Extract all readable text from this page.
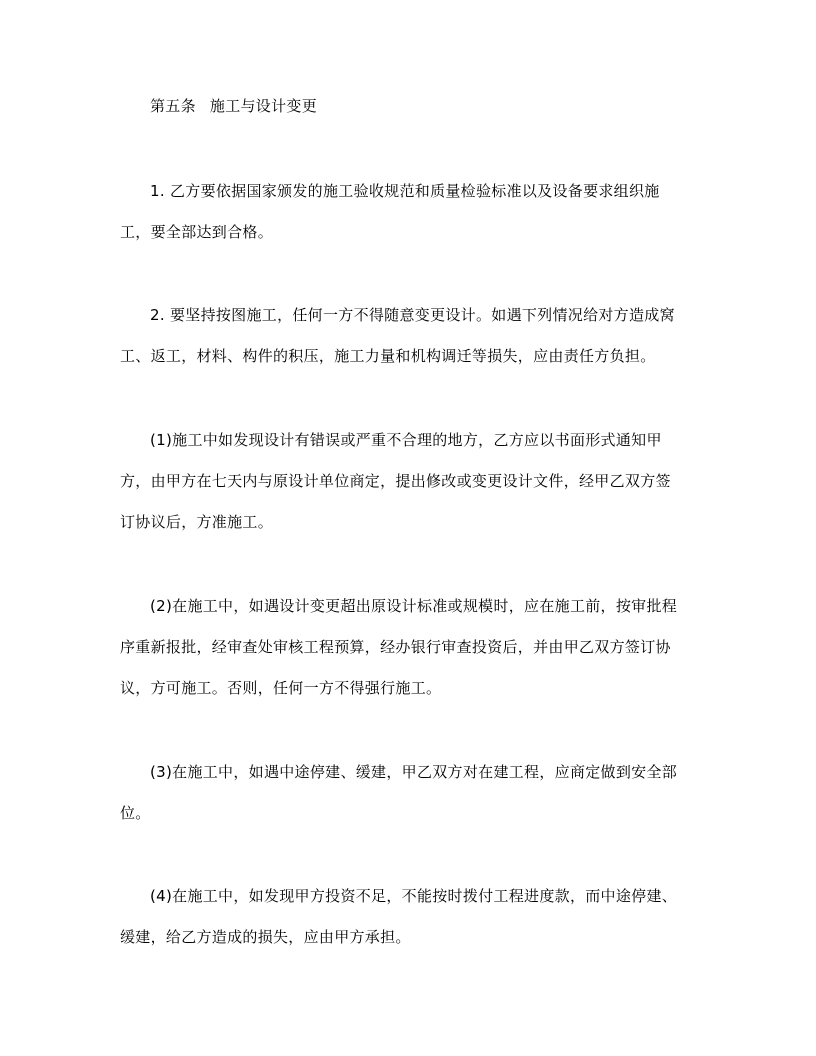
第五条 施工与设计变更
1. 乙方要依据国家颁发的施工验收规范和质量检验标准以及设备要求组织施
工，要全部达到合格。
2. 要坚持按图施工，任何一方不得随意变更设计。如遇下列情况给对方造成窝
工、返工，材料、构件的积压，施工力量和机构调迁等损失，应由责任方负担。
(1)施工中如发现设计有错误或严重不合理的地方，乙方应以书面形式通知甲
方，由甲方在七天内与原设计单位商定，提出修改或变更设计文件，经甲乙双方签
订协议后，方准施工。
(2)在施工中，如遇设计变更超出原设计标准或规模时，应在施工前，按审批程
序重新报批，经审查处审核工程预算，经办银行审查投资后，并由甲乙双方签订协
议，方可施工。否则，任何一方不得强行施工。
(3)在施工中，如遇中途停建、缓建，甲乙双方对在建工程，应商定做到安全部
位。
(4)在施工中，如发现甲方投资不足，不能按时拨付工程进度款，而中途停建、
缓建，给乙方造成的损失，应由甲方承担。
